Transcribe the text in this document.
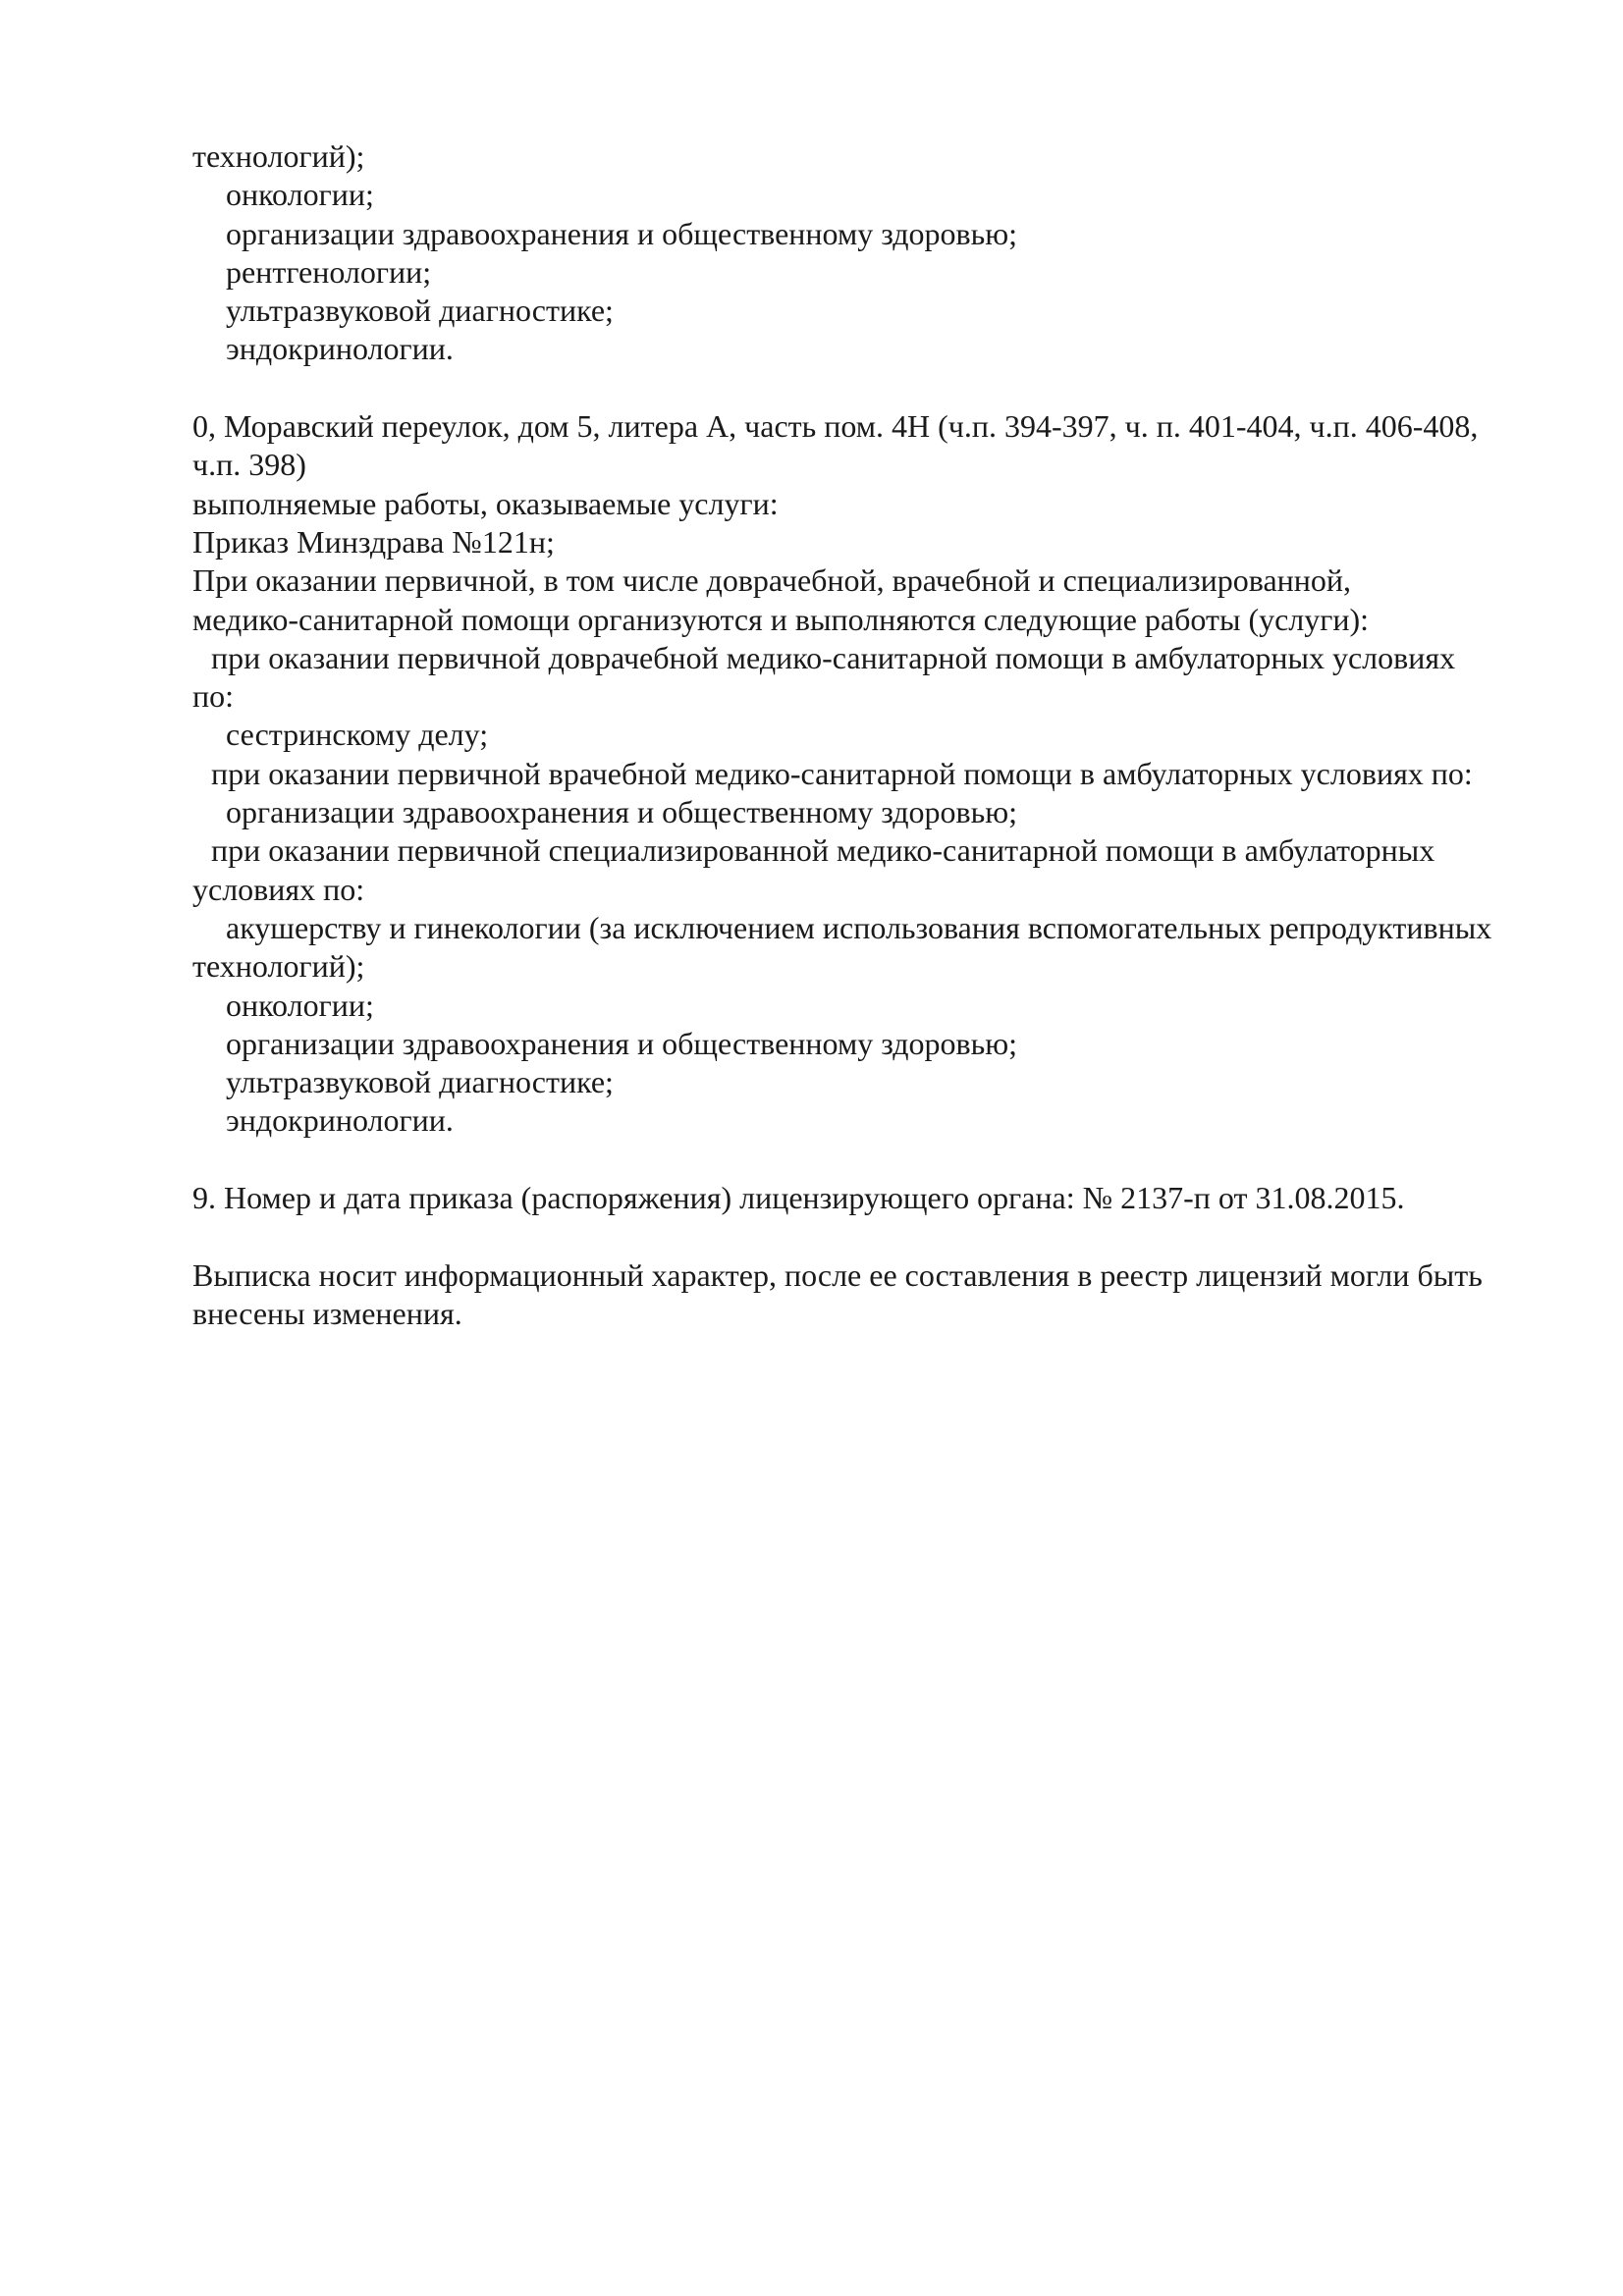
технологий);
онкологии;
организации здравоохранения и общественному здоровью;
рентгенологии;
ультразвуковой диагностике;
эндокринологии.
0, Моравский переулок, дом 5, литера А, часть пом. 4Н (ч.п. 394-397, ч. п. 401-404, ч.п. 406-408,
ч.п. 398)
выполняемые работы, оказываемые услуги:
Приказ Минздрава №121н;
При оказании первичной, в том числе доврачебной, врачебной и специализированной,
медико-санитарной помощи организуются и выполняются следующие работы (услуги):
при оказании первичной доврачебной медико-санитарной помощи в амбулаторных условиях
по:
сестринскому делу;
при оказании первичной врачебной медико-санитарной помощи в амбулаторных условиях по:
организации здравоохранения и общественному здоровью;
при оказании первичной специализированной медико-санитарной помощи в амбулаторных
условиях по:
акушерству и гинекологии (за исключением использования вспомогательных репродуктивных
технологий);
онкологии;
организации здравоохранения и общественному здоровью;
ультразвуковой диагностике;
эндокринологии.
9. Номер и дата приказа (распоряжения) лицензирующего органа: № 2137-п от 31.08.2015.
Выписка носит информационный характер, после ее составления в реестр лицензий могли быть
внесены изменения.
